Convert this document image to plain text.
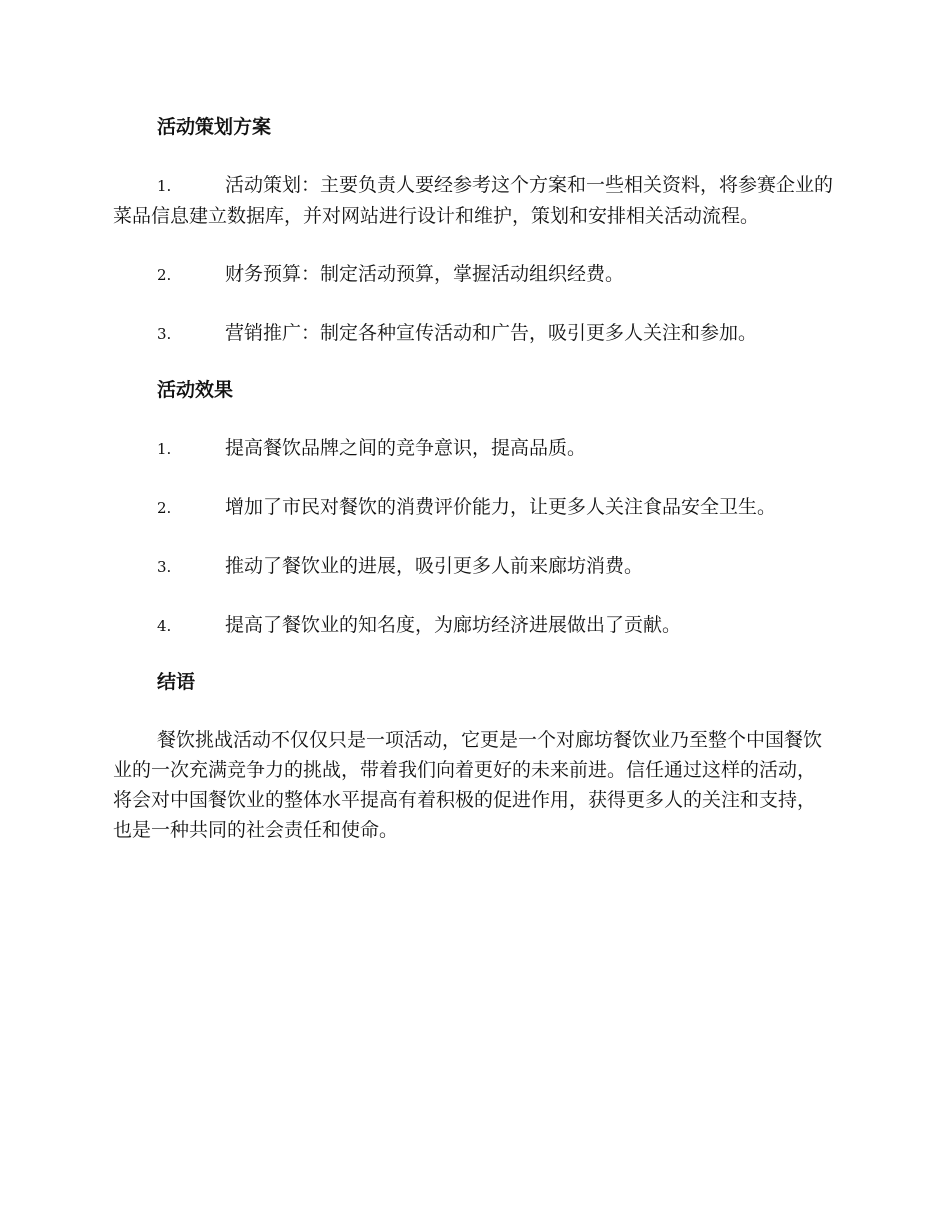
活动策划方案
1.	活动策划：主要负责人要经参考这个方案和一些相关资料，将参赛企业的菜品信息建立数据库，并对网站进行设计和维护，策划和安排相关活动流程。
2.	财务预算：制定活动预算，掌握活动组织经费。
3.	营销推广：制定各种宣传活动和广告，吸引更多人关注和参加。
活动效果
1.	提高餐饮品牌之间的竞争意识，提高品质。
2.	增加了市民对餐饮的消费评价能力，让更多人关注食品安全卫生。
3.	推动了餐饮业的进展，吸引更多人前来廊坊消费。
4.	提高了餐饮业的知名度，为廊坊经济进展做出了贡献。
结语

餐饮挑战活动不仅仅只是一项活动，它更是一个对廊坊餐饮业乃至整个中国餐饮业的一次充满竞争力的挑战，带着我们向着更好的未来前进。信任通过这样的活动，将会对中国餐饮业的整体水平提高有着积极的促进作用，获得更多人的关注和支持，也是一种共同的社会责任和使命。
